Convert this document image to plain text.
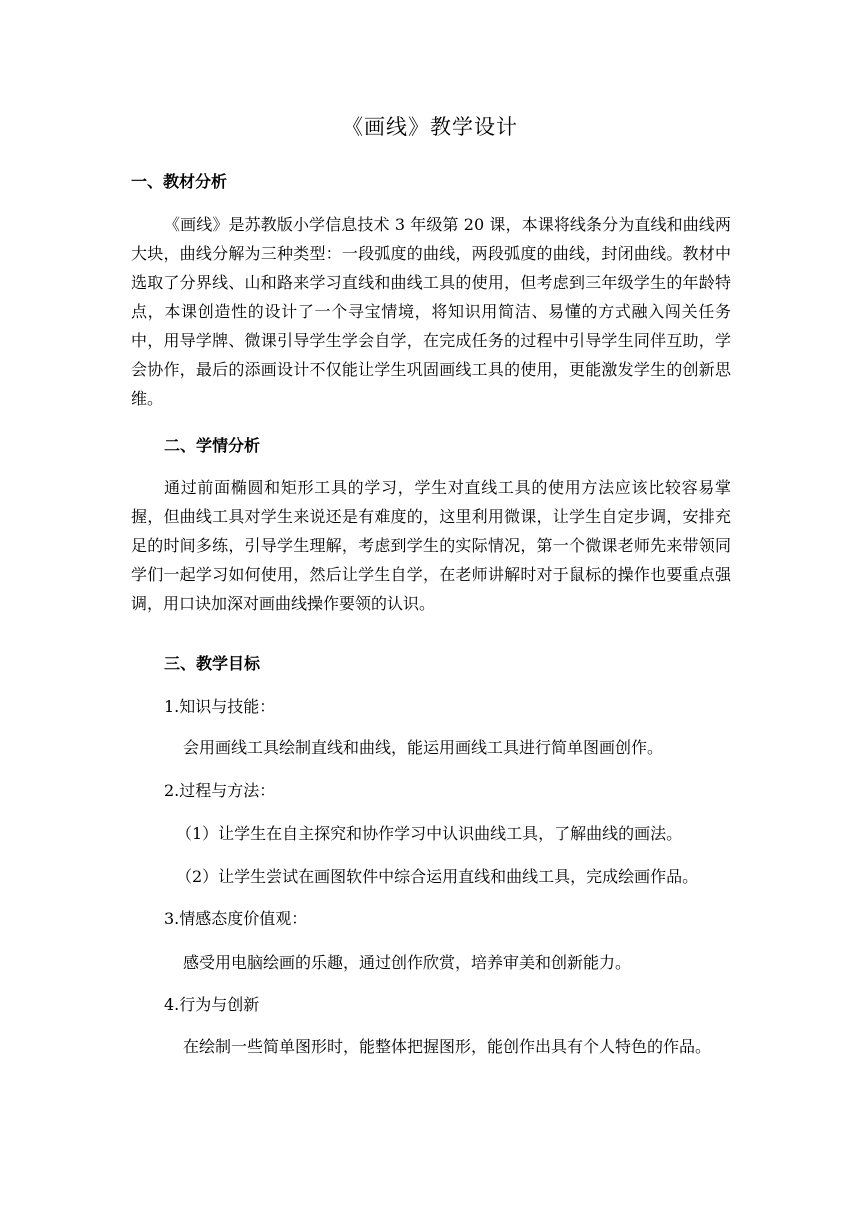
《画线》教学设计
一、教材分析

《画线》是苏教版小学信息技术 3 年级第 20 课，本课将线条分为直线和曲线两大块，曲线分解为三种类型：一段弧度的曲线，两段弧度的曲线，封闭曲线。教材中选取了分界线、山和路来学习直线和曲线工具的使用，但考虑到三年级学生的年龄特点，本课创造性的设计了一个寻宝情境，将知识用简洁、易懂的方式融入闯关任务中，用导学牌、微课引导学生学会自学，在完成任务的过程中引导学生同伴互助，学会协作，最后的添画设计不仅能让学生巩固画线工具的使用，更能激发学生的创新思维。

二、学情分析

通过前面椭圆和矩形工具的学习，学生对直线工具的使用方法应该比较容易掌握，但曲线工具对学生来说还是有难度的，这里利用微课，让学生自定步调，安排充足的时间多练，引导学生理解，考虑到学生的实际情况，第一个微课老师先来带领同学们一起学习如何使用，然后让学生自学，在老师讲解时对于鼠标的操作也要重点强调，用口诀加深对画曲线操作要领的认识。

三、教学目标
1.知识与技能：
会用画线工具绘制直线和曲线，能运用画线工具进行简单图画创作。
2.过程与方法：
（1）让学生在自主探究和协作学习中认识曲线工具，了解曲线的画法。
（2）让学生尝试在画图软件中综合运用直线和曲线工具，完成绘画作品。
3.情感态度价值观：
感受用电脑绘画的乐趣，通过创作欣赏，培养审美和创新能力。
4.行为与创新
在绘制一些简单图形时，能整体把握图形，能创作出具有个人特色的作品。
